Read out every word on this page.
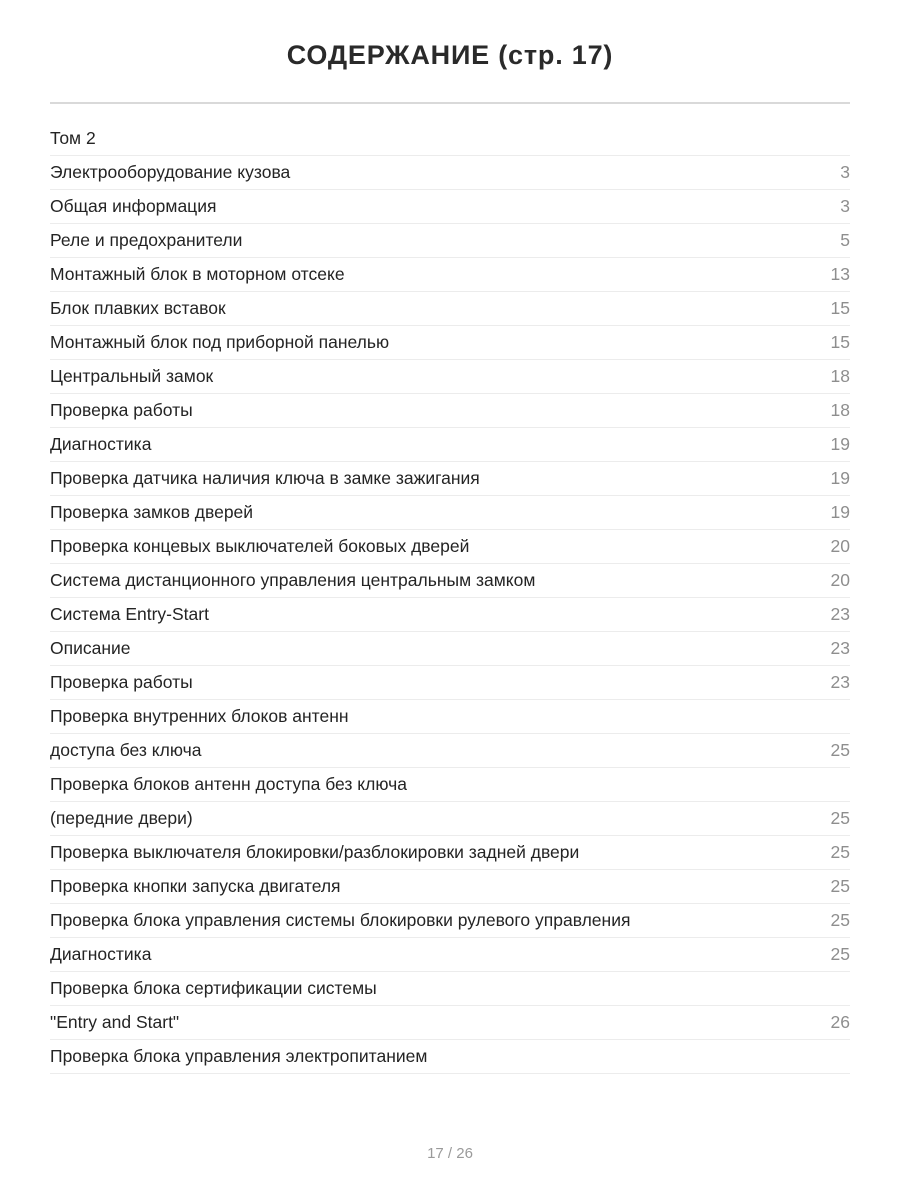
СОДЕРЖАНИЕ (стр. 17)
Том 2
Электрооборудование кузова	3
Общая информация	3
Реле и предохранители	5
Монтажный блок в моторном отсеке	13
Блок плавких вставок	15
Монтажный блок под приборной панелью	15
Центральный замок	18
Проверка работы	18
Диагностика	19
Проверка датчика наличия ключа в замке зажигания	19
Проверка замков дверей	19
Проверка концевых выключателей боковых дверей	20
Система дистанционного управления центральным замком	20
Система Entry-Start	23
Описание	23
Проверка работы	23
Проверка внутренних блоков антенн
доступа без ключа	25
Проверка блоков антенн доступа без ключа
(передние двери)	25
Проверка выключателя блокировки/разблокировки задней двери	25
Проверка кнопки запуска двигателя	25
Проверка блока управления системы блокировки рулевого управления	25
Диагностика	25
Проверка блока сертификации системы
"Entry and Start"	26
Проверка блока управления электропитанием
17 / 26
